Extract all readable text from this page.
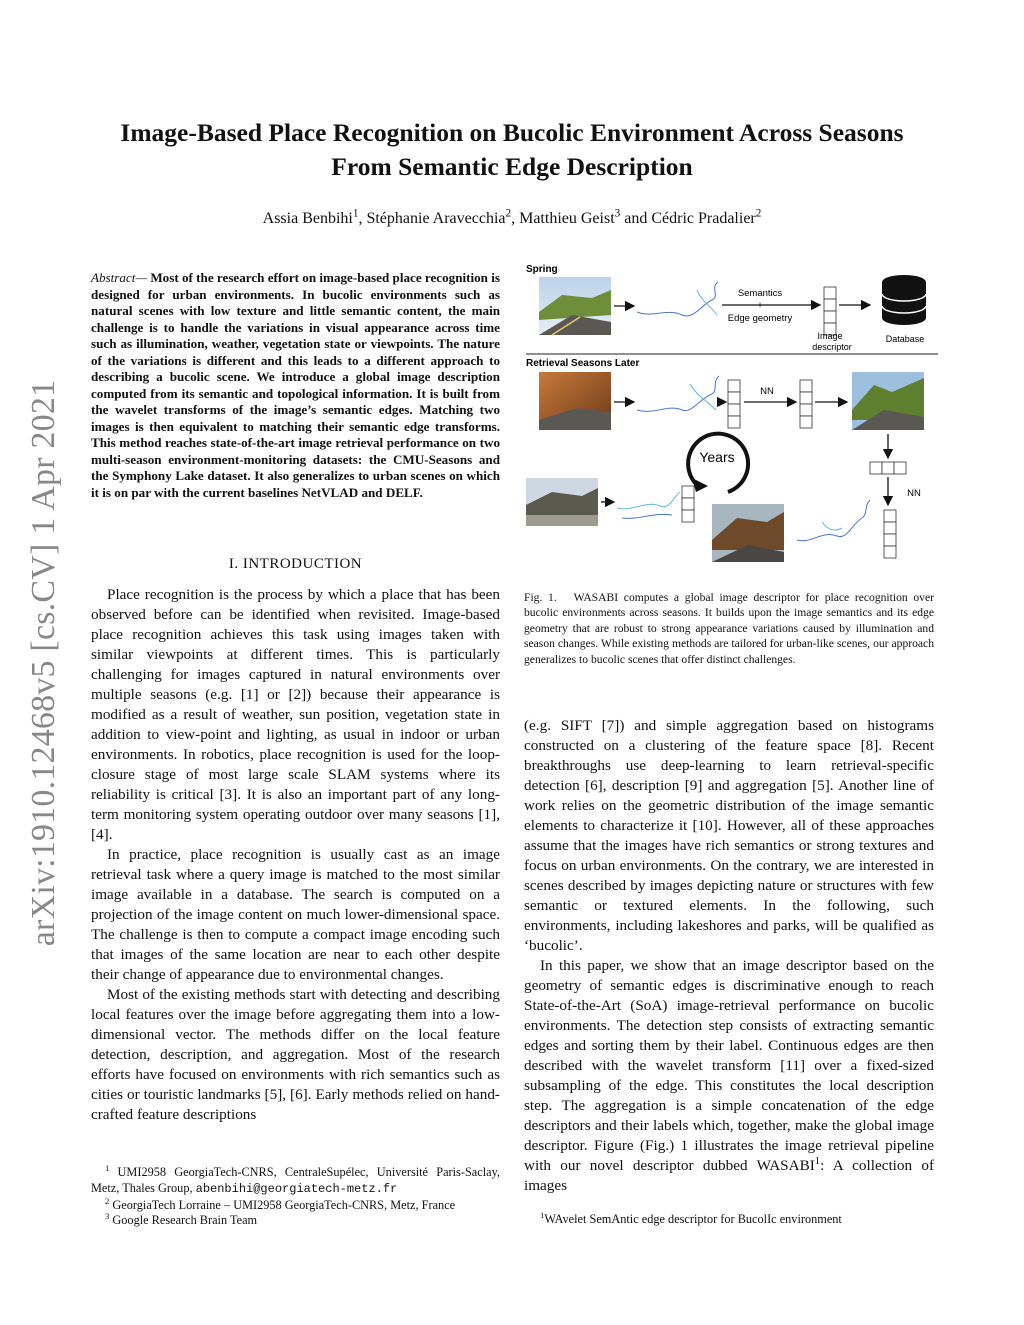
Image-Based Place Recognition on Bucolic Environment Across Seasons
From Semantic Edge Description
Assia Benbihi$^1$, Stéphanie Aravecchia$^2$, Matthieu Geist$^3$ and Cédric Pradalier$^2$
arXiv:1910.12468v5 [cs.CV] 1 Apr 2021
Abstract— Most of the research effort on image-based place recognition is designed for urban environments. In bucolic environments such as natural scenes with low texture and little semantic content, the main challenge is to handle the variations in visual appearance across time such as illumination, weather, vegetation state or viewpoints. The nature of the variations is different and this leads to a different approach to describing a bucolic scene. We introduce a global image description computed from its semantic and topological information. It is built from the wavelet transforms of the image’s semantic edges. Matching two images is then equivalent to matching their semantic edge transforms. This method reaches state-of-the-art image retrieval performance on two multi-season environment-monitoring datasets: the CMU-Seasons and the Symphony Lake dataset. It also generalizes to urban scenes on which it is on par with the current baselines NetVLAD and DELF.
I. INTRODUCTION

Place recognition is the process by which a place that has been observed before can be identified when revisited. Image-based place recognition achieves this task using images taken with similar viewpoints at different times. This is particularly challenging for images captured in natural environments over multiple seasons (e.g. [1] or [2]) because their appearance is modified as a result of weather, sun position, vegetation state in addition to view-point and lighting, as usual in indoor or urban environments. In robotics, place recognition is used for the loop-closure stage of most large scale SLAM systems where its reliability is critical [3]. It is also an important part of any long-term monitoring system operating outdoor over many seasons [1], [4].

In practice, place recognition is usually cast as an image retrieval task where a query image is matched to the most similar image available in a database. The search is computed on a projection of the image content on much lower-dimensional space. The challenge is then to compute a compact image encoding such that images of the same location are near to each other despite their change of appearance due to environmental changes.

Most of the existing methods start with detecting and describing local features over the image before aggregating them into a low-dimensional vector. The methods differ on the local feature detection, description, and aggregation. Most of the research efforts have focused on environments with rich semantics such as cities or touristic landmarks [5], [6]. Early methods relied on hand-crafted feature descriptions

$^1$ UMI2958 GeorgiaTech-CNRS, CentraleSupélec, Université Paris-Saclay, Metz, Thales Group, abenbihi@georgiatech-metz.fr
$^2$ GeorgiaTech Lorraine – UMI2958 GeorgiaTech-CNRS, Metz, France
$^3$ Google Research Brain Team
Spring
Semantics
+
Edge geometry
Image
descriptor
Database
Retrieval Seasons Later
NN
Years
NN
Fig. 1. WASABI computes a global image descriptor for place recognition over bucolic environments across seasons. It builds upon the image semantics and its edge geometry that are robust to strong appearance variations caused by illumination and season changes. While existing methods are tailored for urban-like scenes, our approach generalizes to bucolic scenes that offer distinct challenges.

(e.g. SIFT [7]) and simple aggregation based on histograms constructed on a clustering of the feature space [8]. Recent breakthroughs use deep-learning to learn retrieval-specific detection [6], description [9] and aggregation [5]. Another line of work relies on the geometric distribution of the image semantic elements to characterize it [10]. However, all of these approaches assume that the images have rich semantics or strong textures and focus on urban environments. On the contrary, we are interested in scenes described by images depicting nature or structures with few semantic or textured elements. In the following, such environments, including lakeshores and parks, will be qualified as ‘bucolic’.

In this paper, we show that an image descriptor based on the geometry of semantic edges is discriminative enough to reach State-of-the-Art (SoA) image-retrieval performance on bucolic environments. The detection step consists of extracting semantic edges and sorting them by their label. Continuous edges are then described with the wavelet transform [11] over a fixed-sized subsampling of the edge. This constitutes the local description step. The aggregation is a simple concatenation of the edge descriptors and their labels which, together, make the global image descriptor. Figure (Fig.) 1 illustrates the image retrieval pipeline with our novel descriptor dubbed WASABI$^1$: A collection of images

$^1$WAvelet SemAntic edge descriptor for BucolIc environment
